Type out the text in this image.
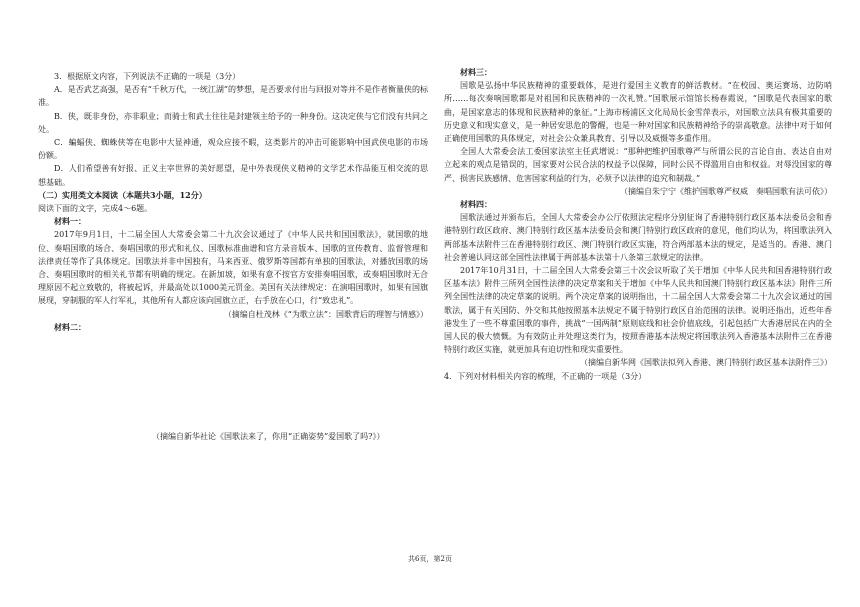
3．根据原文内容，下列说法不正确的一项是（3分）

A．是否武艺高强，是否有“千秋万代，一统江湖”的梦想，是否要求付出与回报对等并不是作者衡量侠的标准。

B．侠，既非身份，亦非职业；而骑士和武士往往是封建领主给予的一种身份。这决定侠与它们没有共同之处。

C．蝙蝠侠、蜘蛛侠等在电影中大显神通，观众应接不暇，这类影片的冲击可能影响中国武侠电影的市场份额。

D．人们希望善有好报、正义主宰世界的美好愿望，是中外表现侠义精神的文学艺术作品能互相交流的思想基础。

（二）实用类文本阅读（本题共3小题，12分）

阅读下面的文字，完成4～6题。

材料一：

2017年9月1日，十二届全国人大常委会第二十九次会议通过了《中华人民共和国国歌法》，就国歌的地位、奏唱国歌的场合、奏唱国歌的形式和礼仪、国歌标准曲谱和官方录音版本、国歌的宣传教育、监督管理和法律责任等作了具体规定。国歌法并非中国独有，马来西亚、俄罗斯等国都有单独的国歌法，对播放国歌的场合、奏唱国歌时的相关礼节都有明确的规定。在新加坡，如果有意不按官方安排奏唱国歌，或奏唱国歌时无合理原因不起立致敬的，将被起诉，并最高处以1000美元罚金。美国有关法律规定：在演唱国歌时，如果有国旗展现，穿制服的军人行军礼，其他所有人都应该向国旗立正，右手放在心口，行“致忠礼”。

（摘编自杜茂林《“为歌立法”：国歌背后的理智与情感》）

材料二：

（摘编自新华社论《国歌法来了，你用“正确姿势”爱国歌了吗?》）

材料三：

国歌是弘扬中华民族精神的重要载体，是进行爱国主义教育的鲜活教材。“在校园、奥运赛场、边防哨所……每次奏响国歌都是对祖国和民族精神的一次礼赞。”国歌展示馆馆长杨春霞说，“国歌是代表国家的歌曲，是国家意志的体现和民族精神的象征。”上海市杨浦区文化局局长金雪萍表示，对国歌立法具有极其重要的历史意义和现实意义，是一种居安思危的警醒，也是一种对国家和民族精神给予的崇高敬意。法律中对于如何正确使用国歌的具体规定，对社会公众兼具教育、引导以及威慑等多重作用。

全国人大常委会法工委国家法室主任武增说：“那种把维护国歌尊严与所谓公民的言论自由、表达自由对立起来的观点是错误的，国家要对公民合法的权益予以保障，同时公民不得滥用自由和权益。对辱没国家的尊严、损害民族感情、危害国家利益的行为，必须予以法律的追究和制裁。”

（摘编自朱宁宁《维护国歌尊严权威　奏唱国歌有法可依》）

材料四：

国歌法通过并颁布后，全国人大常委会办公厅依照法定程序分别征询了香港特别行政区基本法委员会和香港特别行政区政府、澳门特别行政区基本法委员会和澳门特别行政区政府的意见，他们均认为，将国歌法列入两部基本法附件三在香港特别行政区、澳门特别行政区实施，符合两部基本法的规定，是适当的。香港、澳门社会普遍认同这部全国性法律属于两部基本法第十八条第三款规定的法律。

2017年10月31日，十二届全国人大常委会第三十次会议听取了关于增加《中华人民共和国香港特别行政区基本法》附件三所列全国性法律的决定草案和关于增加《中华人民共和国澳门特别行政区基本法》附件三所列全国性法律的决定草案的说明。两个决定草案的说明指出，十二届全国人大常委会第二十九次会议通过的国歌法，属于有关国防、外交和其他按照基本法规定不属于特别行政区自治范围的法律。说明还指出，近些年香港发生了一些不尊重国歌的事件，挑战“一国两制”原则底线和社会价值底线，引起包括广大香港居民在内的全国人民的极大愤慨。为有效防止并处理这类行为，按照香港基本法规定将国歌法列入香港基本法附件三在香港特别行政区实施，就更加具有迫切性和现实重要性。

（摘编自新华网《国歌法拟列入香港、澳门特别行政区基本法附件三》）

4．下列对材料相关内容的梳理，不正确的一项是（3分）

共6页，第2页
